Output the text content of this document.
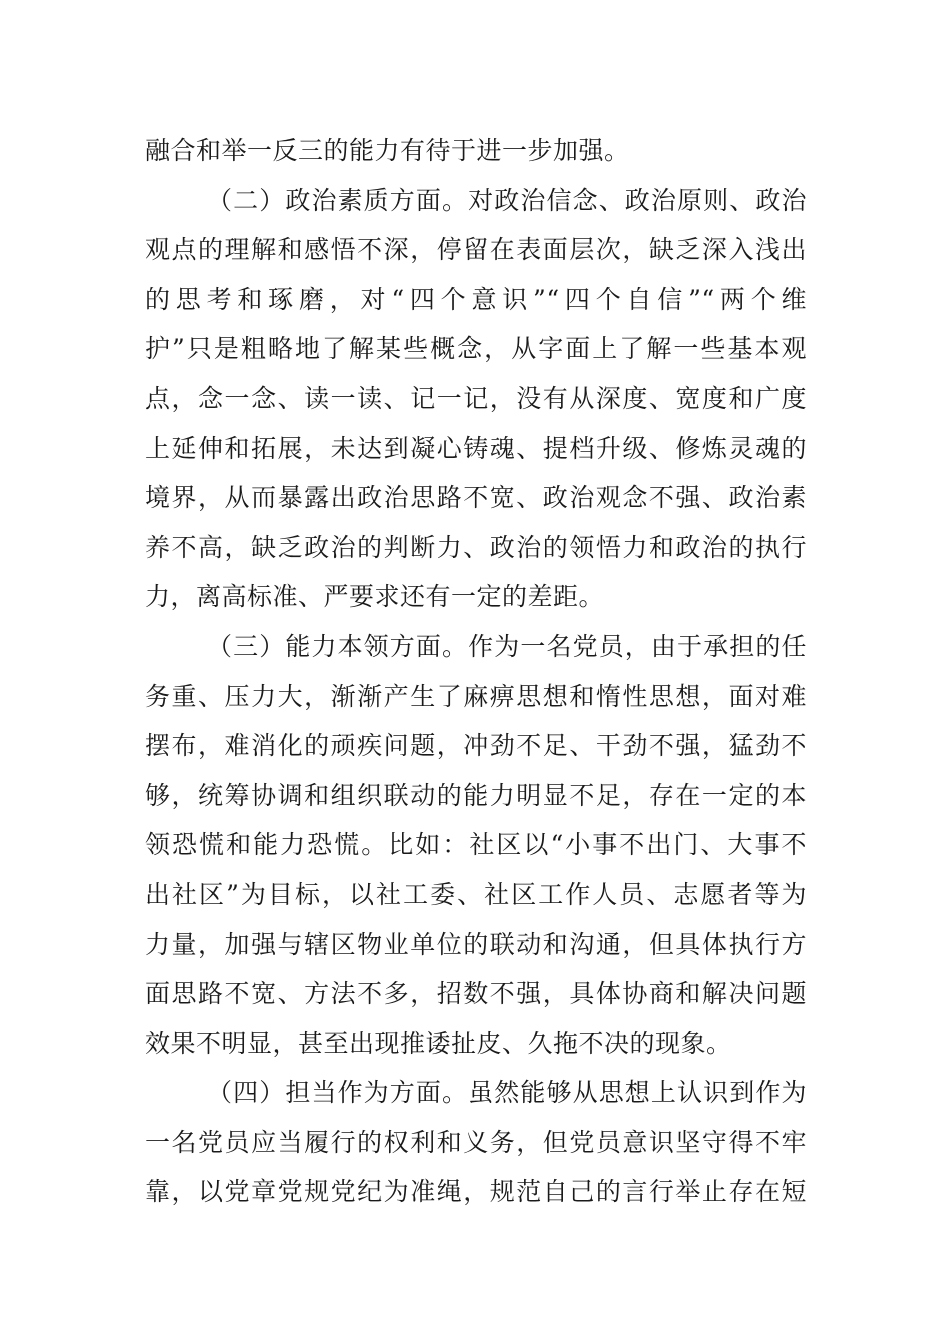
融合和举一反三的能力有待于进一步加强。
（二）政治素质方面。对政治信念、政治原则、政治
观点的理解和感悟不深，停留在表面层次，缺乏深入浅出
的思考和琢磨，对“四个意识”“四个自信”“两个维
护”只是粗略地了解某些概念，从字面上了解一些基本观
点，念一念、读一读、记一记，没有从深度、宽度和广度
上延伸和拓展，未达到凝心铸魂、提档升级、修炼灵魂的
境界，从而暴露出政治思路不宽、政治观念不强、政治素
养不高，缺乏政治的判断力、政治的领悟力和政治的执行
力，离高标准、严要求还有一定的差距。
（三）能力本领方面。作为一名党员，由于承担的任
务重、压力大，渐渐产生了麻痹思想和惰性思想，面对难
摆布，难消化的顽疾问题，冲劲不足、干劲不强，猛劲不
够，统筹协调和组织联动的能力明显不足，存在一定的本
领恐慌和能力恐慌。比如：社区以“小事不出门、大事不
出社区”为目标，以社工委、社区工作人员、志愿者等为
力量，加强与辖区物业单位的联动和沟通，但具体执行方
面思路不宽、方法不多，招数不强，具体协商和解决问题
效果不明显，甚至出现推诿扯皮、久拖不决的现象。
（四）担当作为方面。虽然能够从思想上认识到作为
一名党员应当履行的权利和义务，但党员意识坚守得不牢
靠，以党章党规党纪为准绳，规范自己的言行举止存在短
